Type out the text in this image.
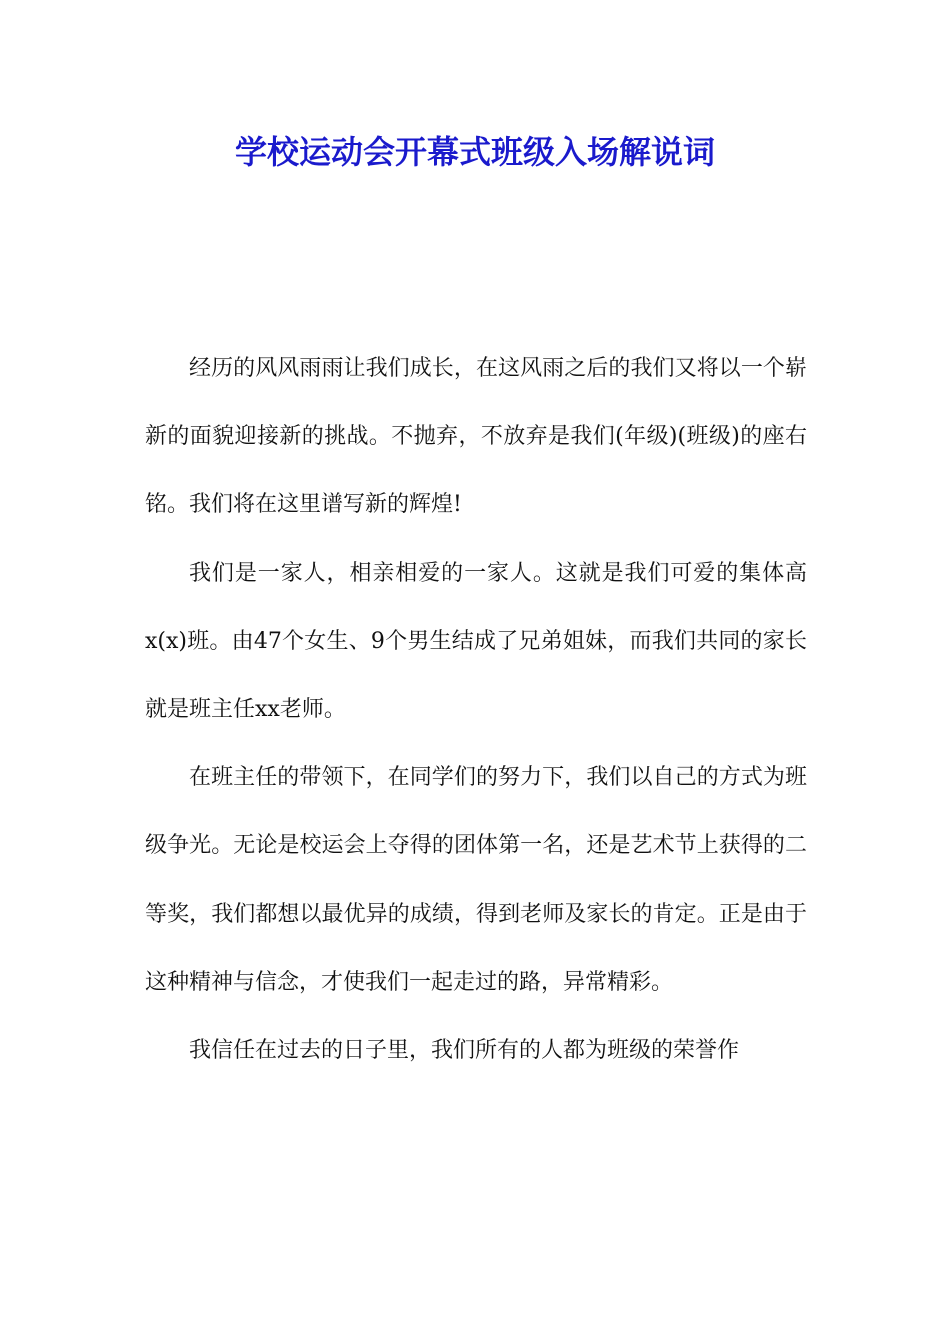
学校运动会开幕式班级入场解说词

经历的风风雨雨让我们成长，在这风雨之后的我们又将以一个崭新的面貌迎接新的挑战。不抛弃，不放弃是我们(年级)(班级)的座右铭。我们将在这里谱写新的辉煌!

我们是一家人，相亲相爱的一家人。这就是我们可爱的集体高x(x)班。由47个女生、9个男生结成了兄弟姐妹，而我们共同的家长就是班主任xx老师。

在班主任的带领下，在同学们的努力下，我们以自己的方式为班级争光。无论是校运会上夺得的团体第一名，还是艺术节上获得的二等奖，我们都想以最优异的成绩，得到老师及家长的肯定。正是由于这种精神与信念，才使我们一起走过的路，异常精彩。

我信任在过去的日子里，我们所有的人都为班级的荣誉作
